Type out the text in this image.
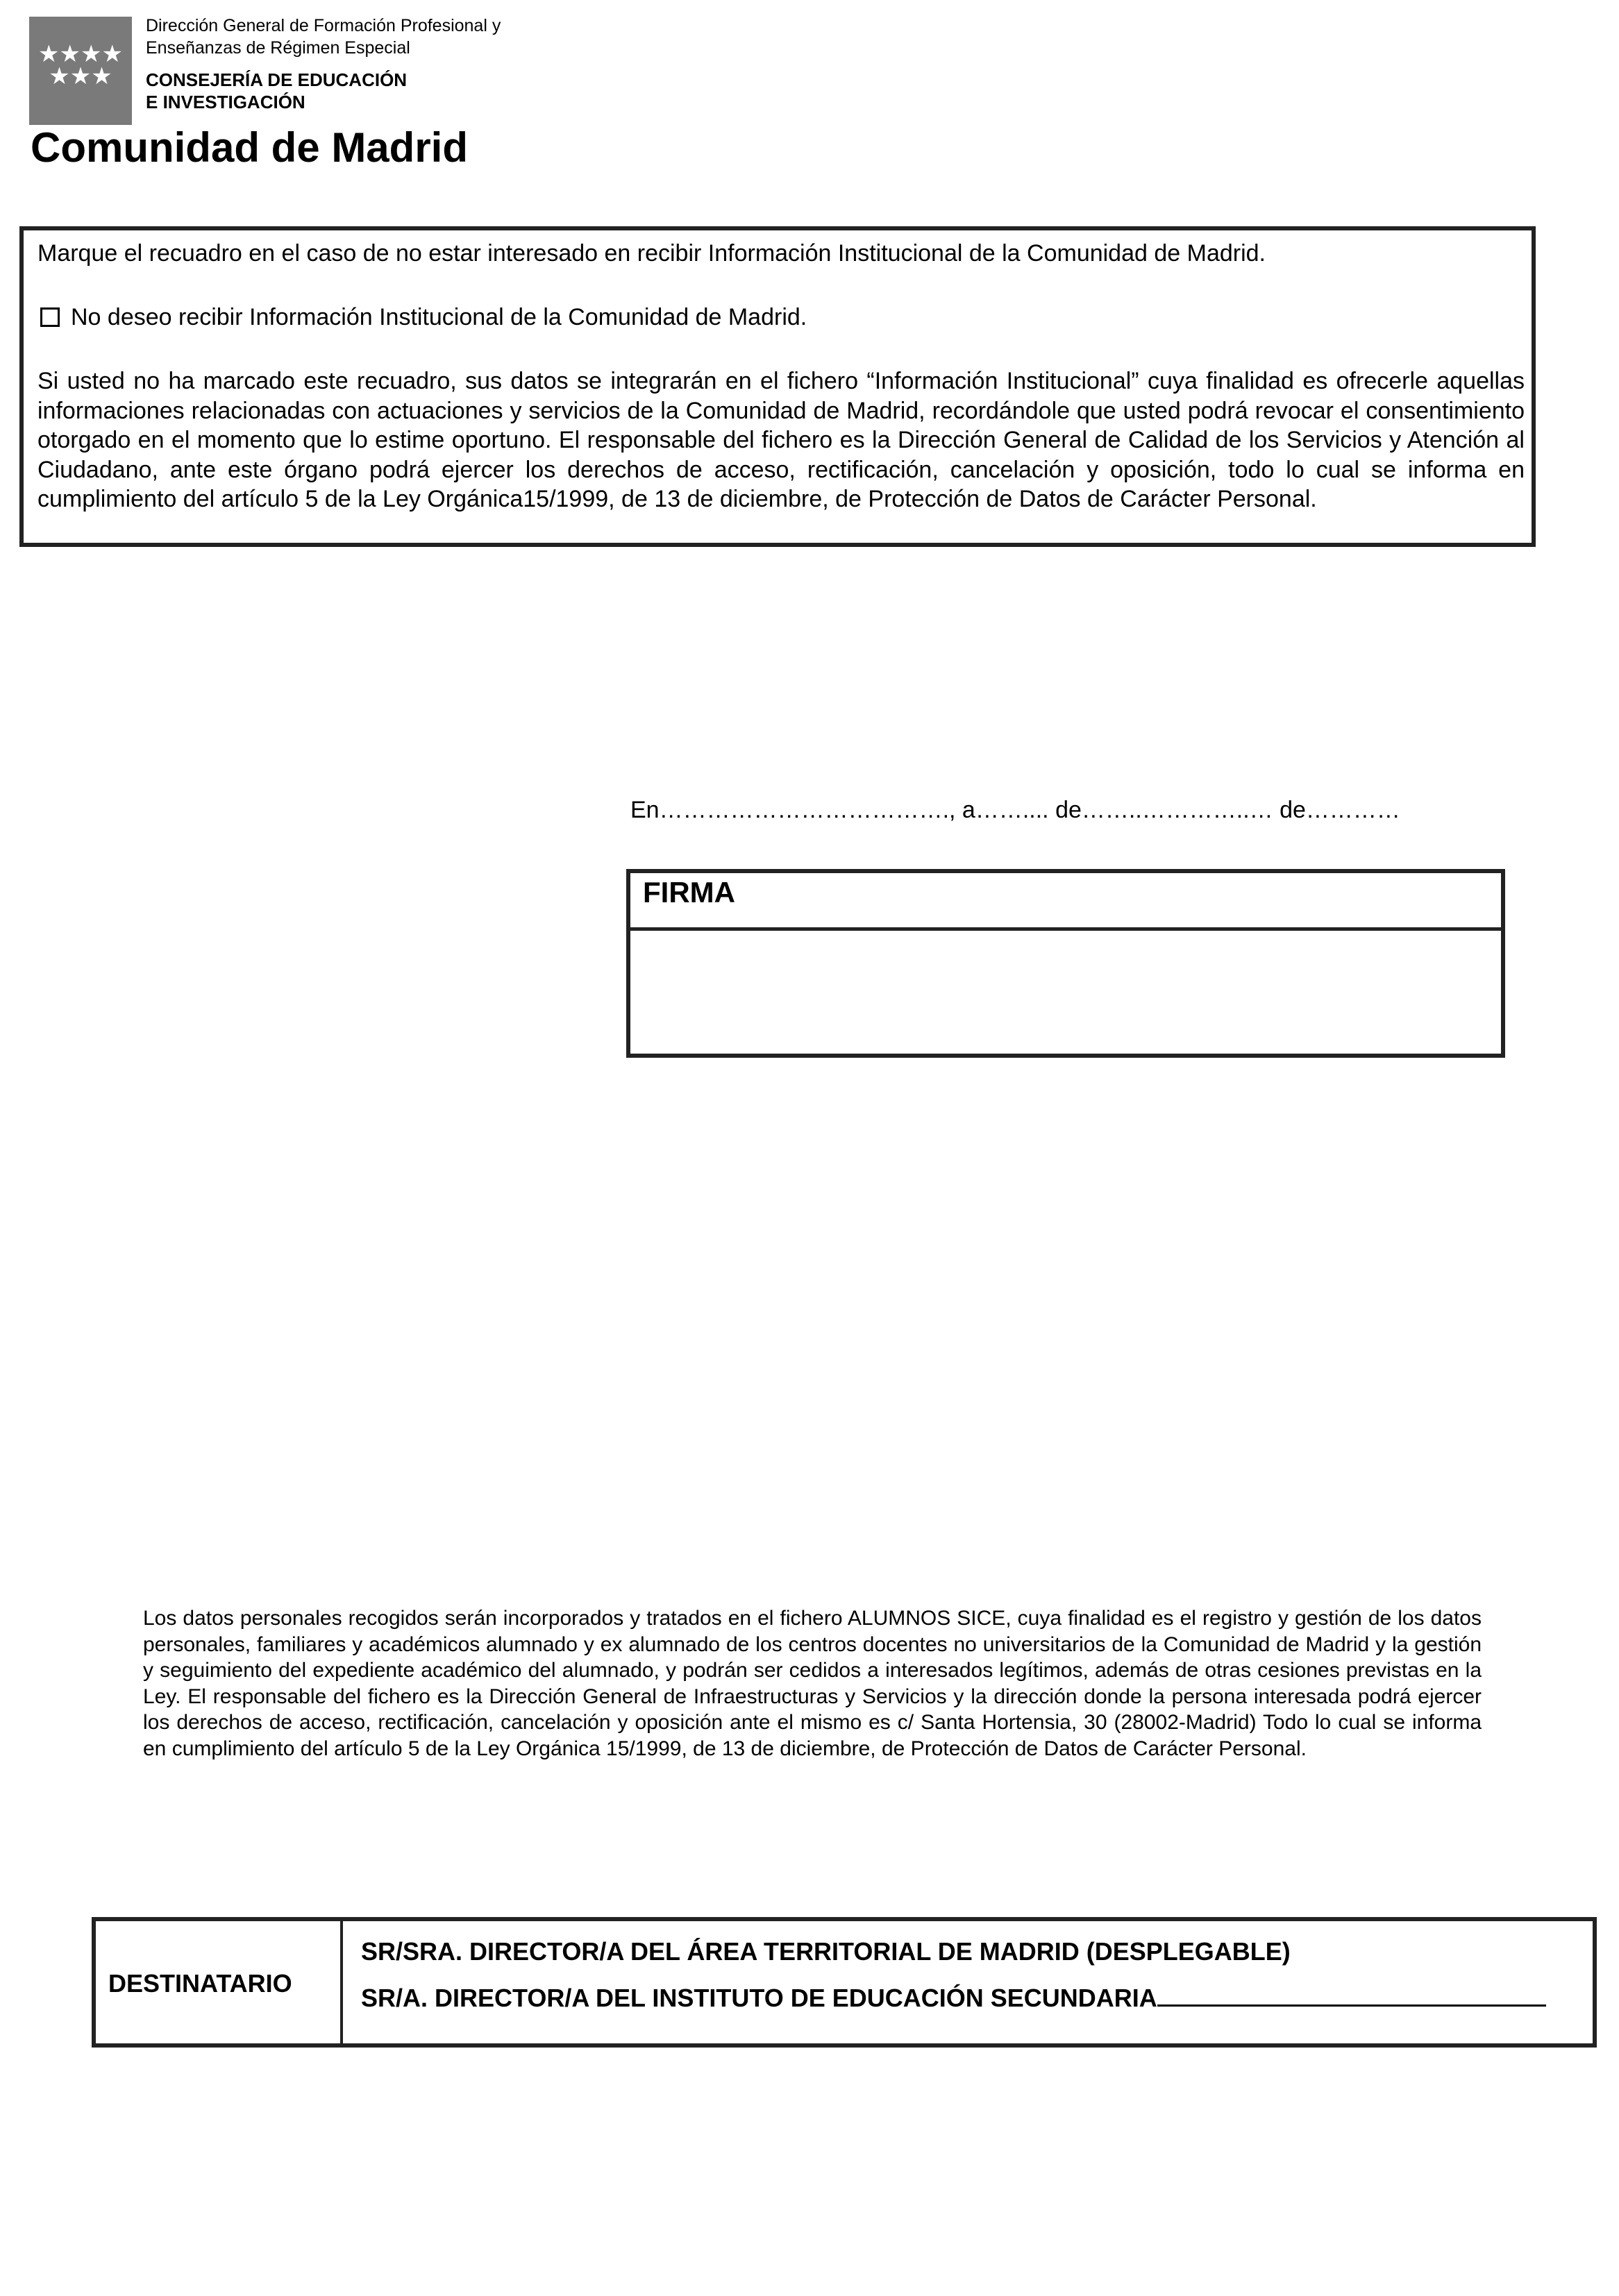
★★★★
★★★
Dirección General de Formación Profesional y
Enseñanzas de Régimen Especial
CONSEJERÍA DE EDUCACIÓN
E INVESTIGACIÓN
Comunidad de Madrid
Marque el recuadro en el caso de no estar interesado en recibir Información Institucional de la Comunidad de Madrid.
No deseo recibir Información Institucional de la Comunidad de Madrid.
Si usted no ha marcado este recuadro, sus datos se integrarán en el fichero “Información Institucional” cuya finalidad es ofrecerle aquellas informaciones relacionadas con actuaciones y servicios de la Comunidad de Madrid, recordándole que usted podrá revocar el consentimiento otorgado en el momento que lo estime oportuno. El responsable del fichero es la Dirección General de Calidad de los Servicios y Atención al Ciudadano, ante este órgano podrá ejercer los derechos de acceso, rectificación, cancelación y oposición, todo lo cual se informa en cumplimiento del artículo 5 de la Ley Orgánica15/1999, de 13 de diciembre, de Protección de Datos de Carácter Personal.
En………………………………., a…….... de……..…………..… de…………
FIRMA
Los datos personales recogidos serán incorporados y tratados en el fichero ALUMNOS SICE, cuya finalidad es el registro y gestión de los datos personales, familiares y académicos alumnado y ex alumnado de los centros docentes no universitarios de la Comunidad de Madrid y la gestión y seguimiento del expediente académico del alumnado, y podrán ser cedidos a interesados legítimos, además de otras cesiones previstas en la Ley. El responsable del fichero es la Dirección General de Infraestructuras y Servicios y la dirección donde la persona interesada podrá ejercer los derechos de acceso, rectificación, cancelación y oposición ante el mismo es c/ Santa Hortensia, 30 (28002-Madrid) Todo lo cual se informa en cumplimiento del artículo 5 de la Ley Orgánica 15/1999, de 13 de diciembre, de Protección de Datos de Carácter Personal.
DESTINATARIO
SR/SRA. DIRECTOR/A DEL ÁREA TERRITORIAL DE MADRID (DESPLEGABLE)
SR/A. DIRECTOR/A DEL INSTITUTO DE EDUCACIÓN SECUNDARIA
